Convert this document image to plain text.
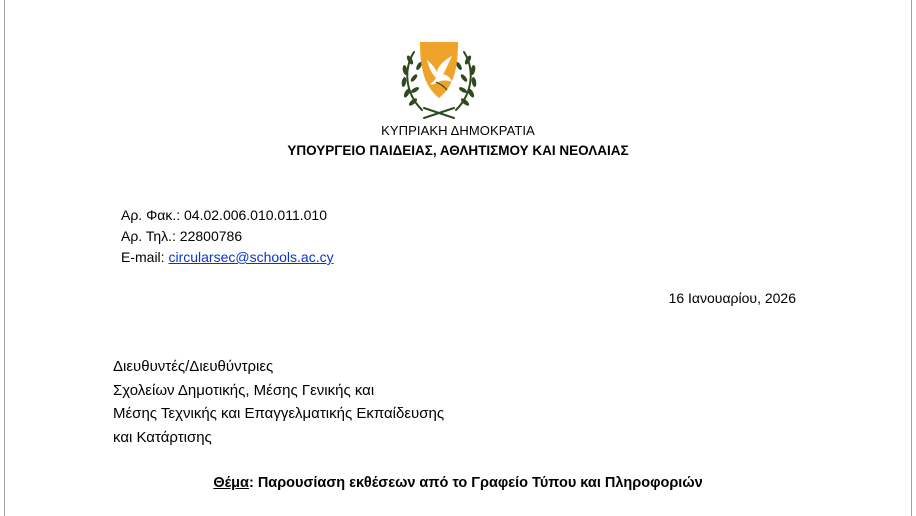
ΚΥΠΡΙΑΚΗ ΔΗΜΟΚΡΑΤΙΑ
ΥΠΟΥΡΓΕΙΟ ΠΑΙΔΕΙΑΣ, ΑΘΛΗΤΙΣΜΟΥ ΚΑΙ ΝΕΟΛΑΙΑΣ
Αρ. Φακ.: 04.02.006.010.011.010
Αρ. Τηλ.: 22800786
E-mail: circularsec@schools.ac.cy
16 Ιανουαρίου, 2026
Διευθυντές/Διευθύντριες
Σχολείων Δημοτικής, Μέσης Γενικής και
Μέσης Τεχνικής και Επαγγελματικής Εκπαίδευσης
και Κατάρτισης
Θέμα: Παρουσίαση εκθέσεων από το Γραφείο Τύπου και Πληροφοριών
